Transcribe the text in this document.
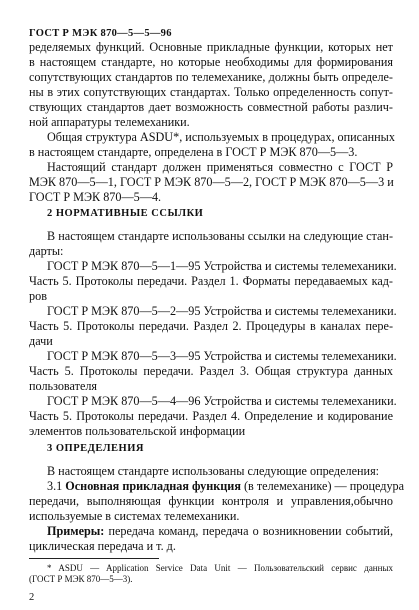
ГОСТ Р МЭК 870—5—5—96
ределяемых функций. Основные прикладные функции, которых нет
в настоящем стандарте, но которые необходимы для формирования
сопутствующих стандартов по телемеханике, должны быть определе-
ны в этих сопутствующих стандартах. Только определенность сопут-
ствующих стандартов дает возможность совместной работы различ-
ной аппаратуры телемеханики.
Общая структура ASDU*, используемых в процедурах, описанных
в настоящем стандарте, определена в ГОСТ Р МЭК 870—5—3.
Настоящий стандарт должен применяться совместно с ГОСТ Р
МЭК 870—5—1, ГОСТ Р МЭК 870—5—2, ГОСТ Р МЭК 870—5—3 и
ГОСТ Р МЭК 870—5—4.
2 НОРМАТИВНЫЕ ССЫЛКИ
В настоящем стандарте использованы ссылки на следующие стан-
дарты:
ГОСТ Р МЭК 870—5—1—95 Устройства и системы телемеханики.
Часть 5. Протоколы передачи. Раздел 1. Форматы передаваемых кад-
ров
ГОСТ Р МЭК 870—5—2—95 Устройства и системы телемеханики.
Часть 5. Протоколы передачи. Раздел 2. Процедуры в каналах пере-
дачи
ГОСТ Р МЭК 870—5—3—95 Устройства и системы телемеханики.
Часть 5. Протоколы передачи. Раздел 3. Общая структура данных
пользователя
ГОСТ Р МЭК 870—5—4—96 Устройства и системы телемеханики.
Часть 5. Протоколы передачи. Раздел 4. Определение и кодирование
элементов пользовательской информации
3 ОПРЕДЕЛЕНИЯ
В настоящем стандарте использованы следующие определения:
3.1 Основная прикладная функция (в телемеханике) — процедура
передачи, выполняющая функции контроля и управления,обычно
используемые в системах телемеханики.
Примеры: передача команд, передача о возникновении событий,
* ASDU — Application Service Data Unit — Пользовательский сервис данных
(ГОСТ Р МЭК 870—5—3).
2
циклическая передача и т. д.
